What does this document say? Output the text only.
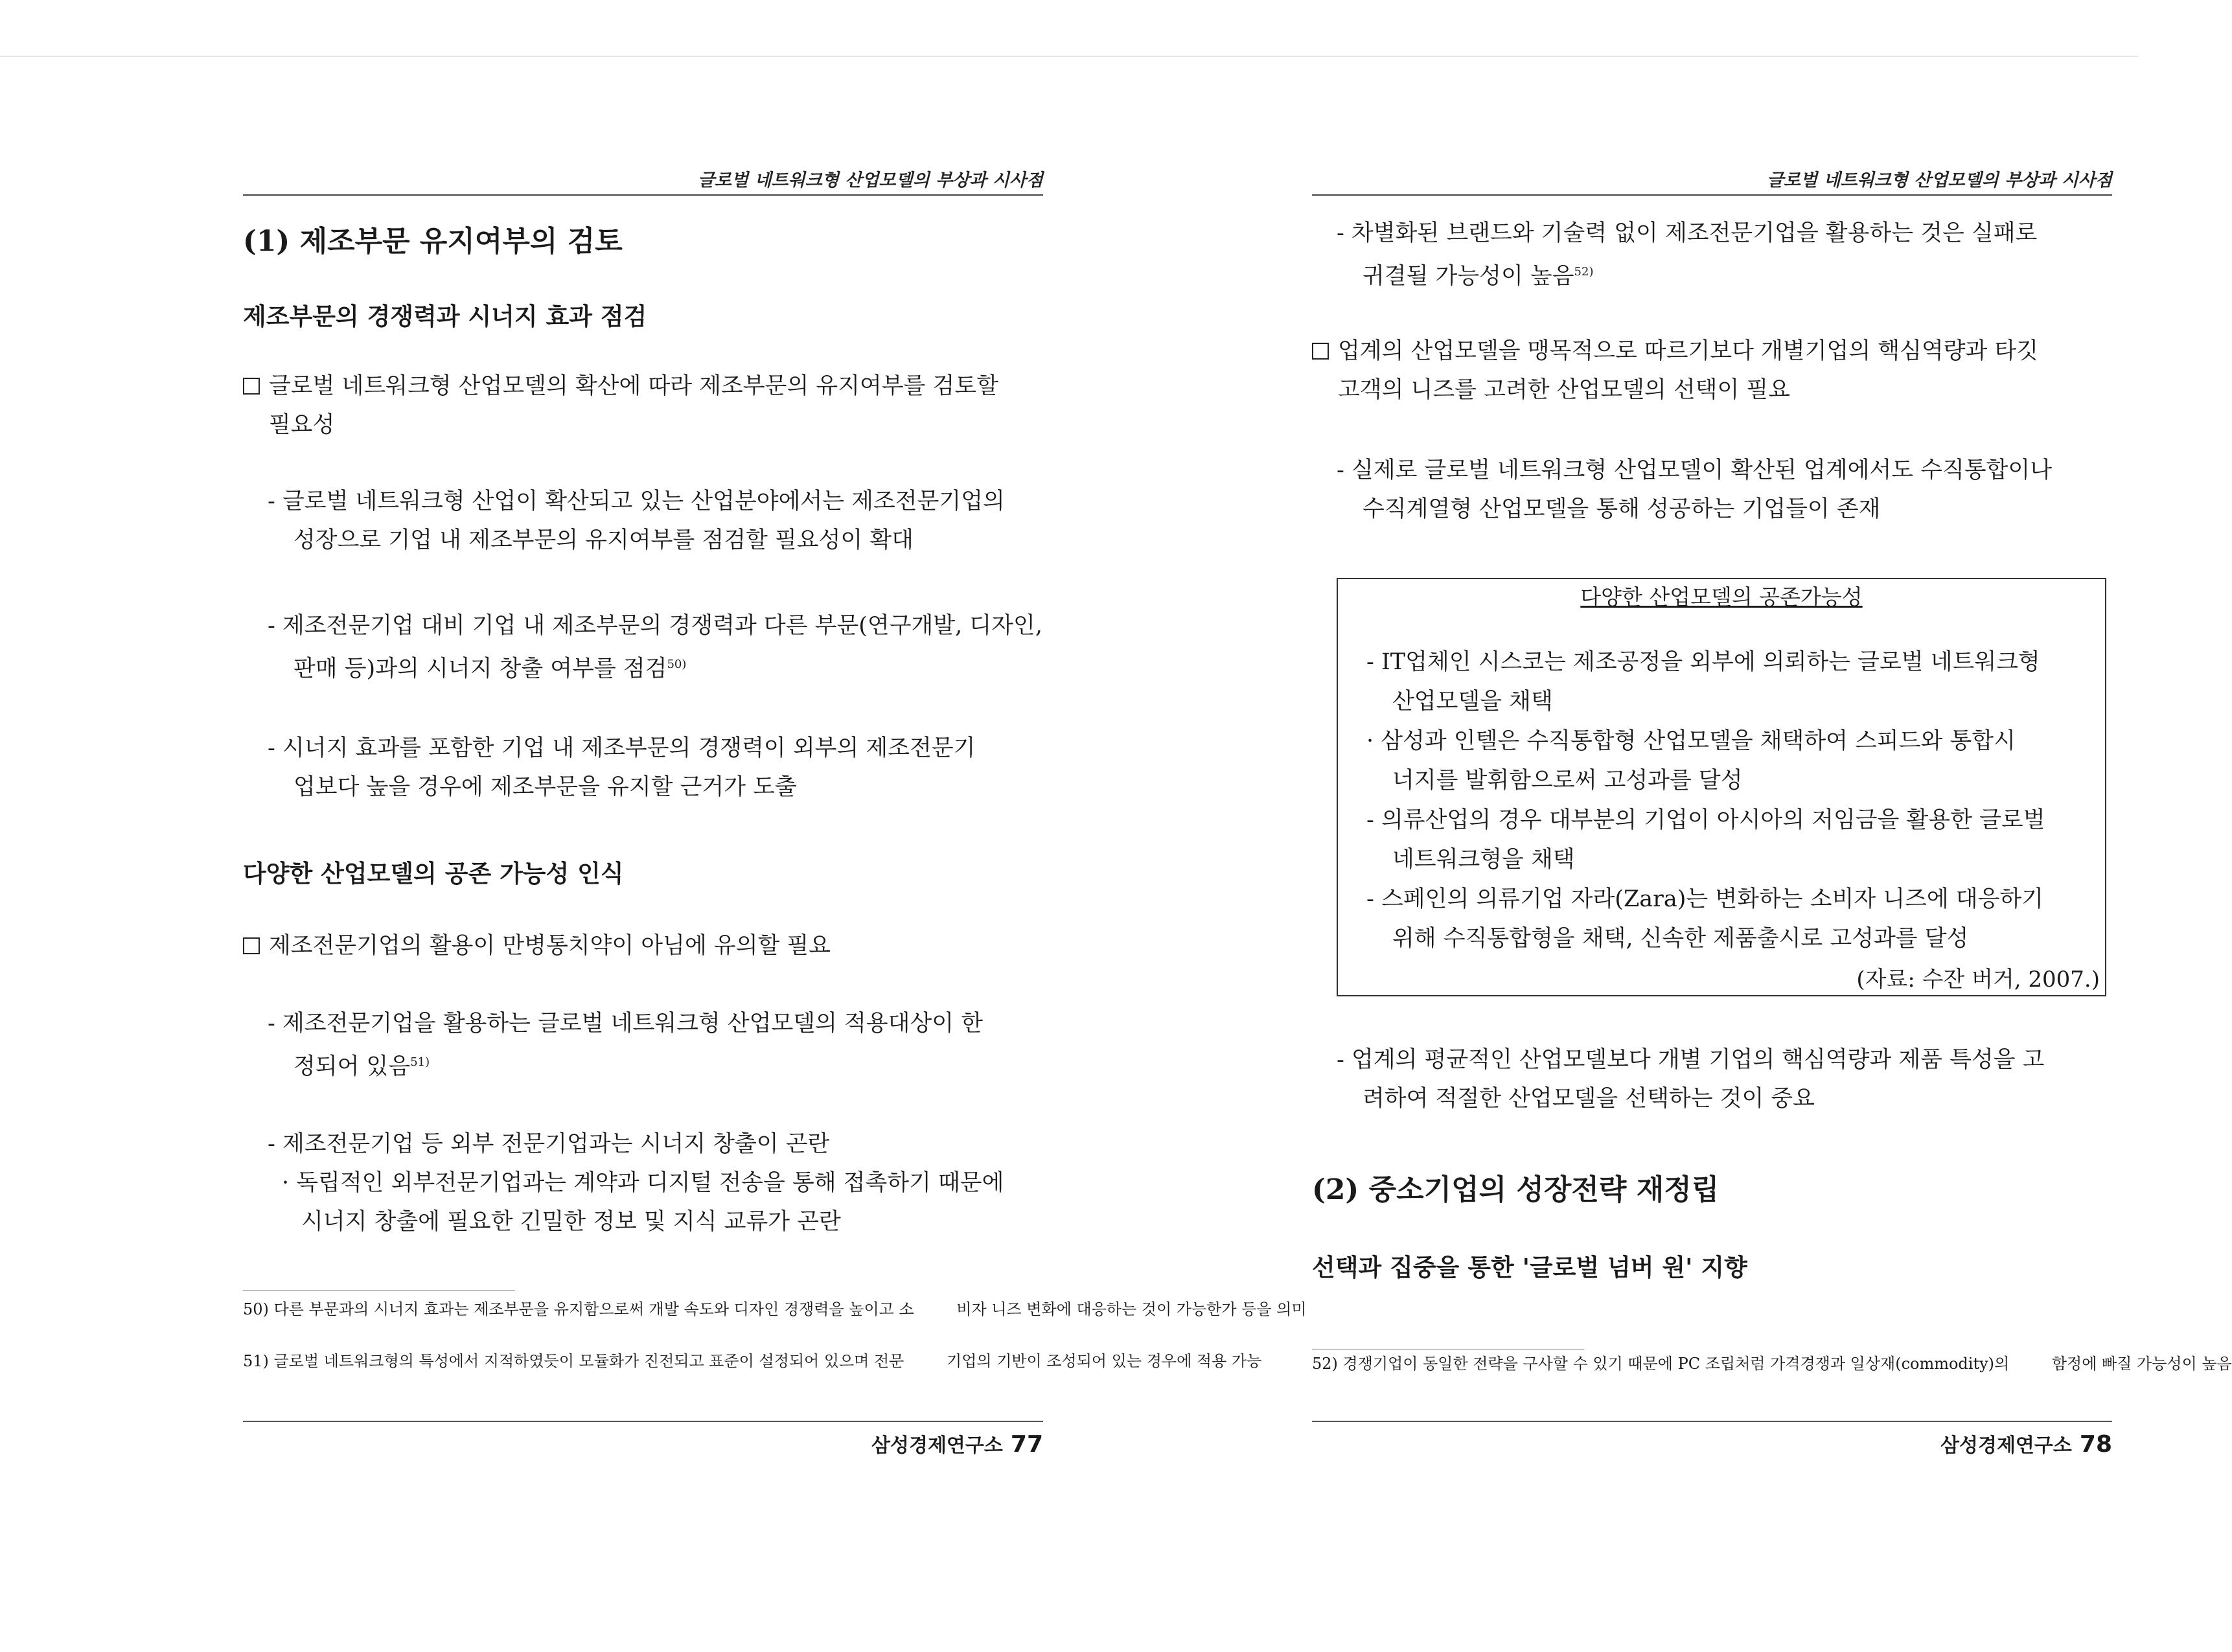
글로벌 네트워크형 산업모델의 부상과 시사점
(1) 제조부문 유지여부의 검토
제조부문의 경쟁력과 시너지 효과 점검
글로벌 네트워크형 산업모델의 확산에 따라 제조부문의 유지여부를 검토할
필요성
- 글로벌 네트워크형 산업이 확산되고 있는 산업분야에서는 제조전문기업의
성장으로 기업 내 제조부문의 유지여부를 점검할 필요성이 확대
- 제조전문기업 대비 기업 내 제조부문의 경쟁력과 다른 부문(연구개발, 디자인,
판매 등)과의 시너지 창출 여부를 점검$^{50)}$
- 시너지 효과를 포함한 기업 내 제조부문의 경쟁력이 외부의 제조전문기
업보다 높을 경우에 제조부문을 유지할 근거가 도출
다양한 산업모델의 공존 가능성 인식
제조전문기업의 활용이 만병통치약이 아님에 유의할 필요
- 제조전문기업을 활용하는 글로벌 네트워크형 산업모델의 적용대상이 한
정되어 있음$^{51)}$
- 제조전문기업 등 외부 전문기업과는 시너지 창출이 곤란
· 독립적인 외부전문기업과는 계약과 디지털 전송을 통해 접촉하기 때문에
시너지 창출에 필요한 긴밀한 정보 및 지식 교류가 곤란
50) 다른 부문과의 시너지 효과는 제조부문을 유지함으로써 개발 속도와 디자인 경쟁력을 높이고 소	비자 니즈 변화에 대응하는 것이 가능한가 등을 의미
51) 글로벌 네트워크형의 특성에서 지적하였듯이 모듈화가 진전되고 표준이 설정되어 있으며 전문	기업의 기반이 조성되어 있는 경우에 적용 가능
삼성경제연구소 77
글로벌 네트워크형 산업모델의 부상과 시사점
- 차별화된 브랜드와 기술력 없이 제조전문기업을 활용하는 것은 실패로
귀결될 가능성이 높음$^{52)}$
업계의 산업모델을 맹목적으로 따르기보다 개별기업의 핵심역량과 타깃
고객의 니즈를 고려한 산업모델의 선택이 필요
- 실제로 글로벌 네트워크형 산업모델이 확산된 업계에서도 수직통합이나
수직계열형 산업모델을 통해 성공하는 기업들이 존재
다양한 산업모델의 공존가능성
- IT업체인 시스코는 제조공정을 외부에 의뢰하는 글로벌 네트워크형
산업모델을 채택
· 삼성과 인텔은 수직통합형 산업모델을 채택하여 스피드와 통합시
너지를 발휘함으로써 고성과를 달성
- 의류산업의 경우 대부분의 기업이 아시아의 저임금을 활용한 글로벌
네트워크형을 채택
- 스페인의 의류기업 자라(Zara)는 변화하는 소비자 니즈에 대응하기
위해 수직통합형을 채택, 신속한 제품출시로 고성과를 달성
(자료: 수잔 버거, 2007.)
- 업계의 평균적인 산업모델보다 개별 기업의 핵심역량과 제품 특성을 고
려하여 적절한 산업모델을 선택하는 것이 중요
(2) 중소기업의 성장전략 재정립
선택과 집중을 통한 '글로벌 넘버 원' 지향
52) 경쟁기업이 동일한 전략을 구사할 수 있기 때문에 PC 조립처럼 가격경쟁과 일상재(commodity)의	함정에 빠질 가능성이 높음
삼성경제연구소 78
